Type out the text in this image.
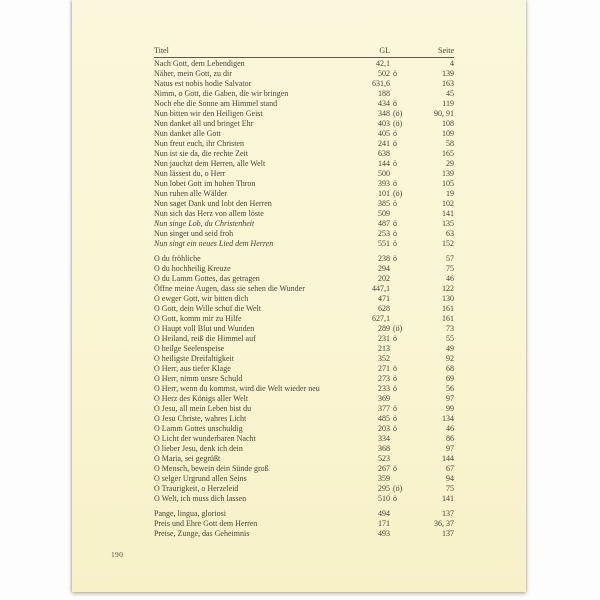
Titel	GL	Seite
Nach Gott, dem Lebendigen	42,1	4
Näher, mein Gott, zu dir	502 ö	139
Natus est nobis hodie Salvator	631,6	163
Nimm, o Gott, die Gaben, die wir bringen	188	45
Noch ehe die Sonne am Himmel stand	434 ö	119
Nun bitten wir den Heiligen Geist	348 (ö)	90, 91
Nun danket all und bringet Ehr	403 (ö)	108
Nun danket alle Gott	405 ö	109
Nun freut euch, ihr Christen	241 ö	58
Nun ist sie da, die rechte Zeit	638	165
Nun jauchzt dem Herren, alle Welt	144 ö	29
Nun lässest du, o Herr	500	139
Nun lobet Gott im hohen Thron	393 ö	105
Nun ruhen alle Wälder	101 (ö)	19
Nun saget Dank und lobt den Herren	385 ö	102
Nun sich das Herz von allem löste	509	141
Nun singe Lob, du Christenheit	487 ö	135
Nun singet und seid froh	253 ö	63
Nun singt ein neues Lied dem Herren	551 ö	152
O du fröhliche	238 ö	57
O du hochheilig Kreuze	294	75
O du Lamm Gottes, das getragen	202	46
Öffne meine Augen, dass sie sehen die Wunder	447,1	122
O ewger Gott, wir bitten dich	471	130
O Gott, dein Wille schuf die Welt	628	161
O Gott, komm mir zu Hilfe	627,1	161
O Haupt voll Blut und Wunden	289 (ö)	73
O Heiland, reiß die Himmel auf	231 ö	55
O heilge Seelenspeise	213	49
O heiligste Dreifaltigkeit	352	92
O Herr, aus tiefer Klage	271 ö	68
O Herr, nimm unsre Schuld	273 ö	69
O Herr, wenn du kommst, wird die Welt wieder neu	233 ö	56
O Herz des Königs aller Welt	369	97
O Jesu, all mein Leben bist du	377 ö	99
O Jesu Christe, wahres Licht	485 ö	134
O Lamm Gottes unschuldig	203 ö	46
O Licht der wunderbaren Nacht	334	86
O lieber Jesu, denk ich dein	368	97
O Maria, sei gegrüßt	523	144
O Mensch, bewein dein Sünde groß	267 ö	67
O selger Urgrund allen Seins	359	94
O Traurigkeit, o Herzeleid	295 (ö)	75
O Welt, ich muss dich lassen	510 ö	141
Pange, lingua, gloriosi	494	137
Preis und Ehre Gott dem Herren	171	36, 37
Preise, Zunge, das Geheimnis	493	137
190
